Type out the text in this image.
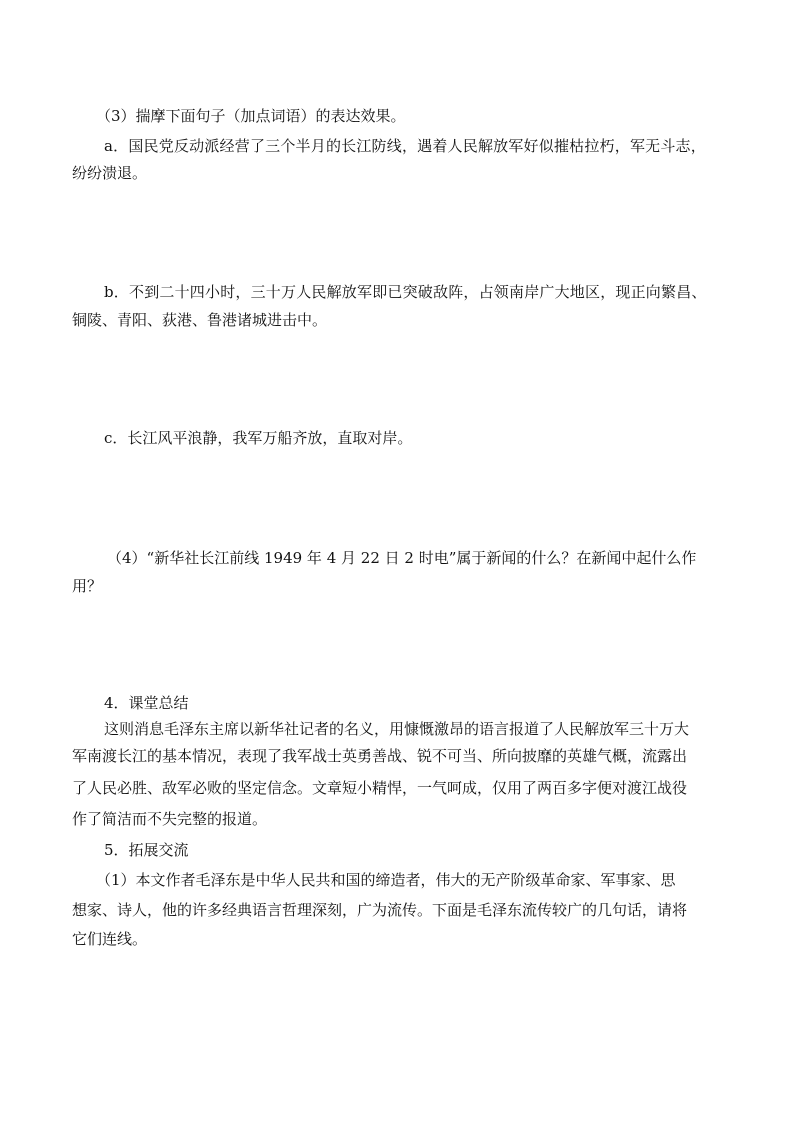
（3）揣摩下面句子（加点词语）的表达效果。
a．国民党反动派经营了三个半月的长江防线，遇着人民解放军好似摧枯拉朽，军无斗志，
纷纷溃退。
b．不到二十四小时，三十万人民解放军即已突破敌阵，占领南岸广大地区，现正向繁昌、
铜陵、青阳、荻港、鲁港诸城进击中。
c．长江风平浪静，我军万船齐放，直取对岸。
（4）“新华社长江前线 1949 年 4 月 22 日 2 时电”属于新闻的什么？在新闻中起什么作
用？
4．课堂总结
这则消息毛泽东主席以新华社记者的名义，用慷慨激昂的语言报道了人民解放军三十万大
军南渡长江的基本情况，表现了我军战士英勇善战、锐不可当、所向披靡的英雄气概，流露出
了人民必胜、敌军必败的坚定信念。文章短小精悍，一气呵成，仅用了两百多字便对渡江战役
作了简洁而不失完整的报道。
5．拓展交流
（1）本文作者毛泽东是中华人民共和国的缔造者，伟大的无产阶级革命家、军事家、思
想家、诗人，他的许多经典语言哲理深刻，广为流传。下面是毛泽东流传较广的几句话，请将
它们连线。
